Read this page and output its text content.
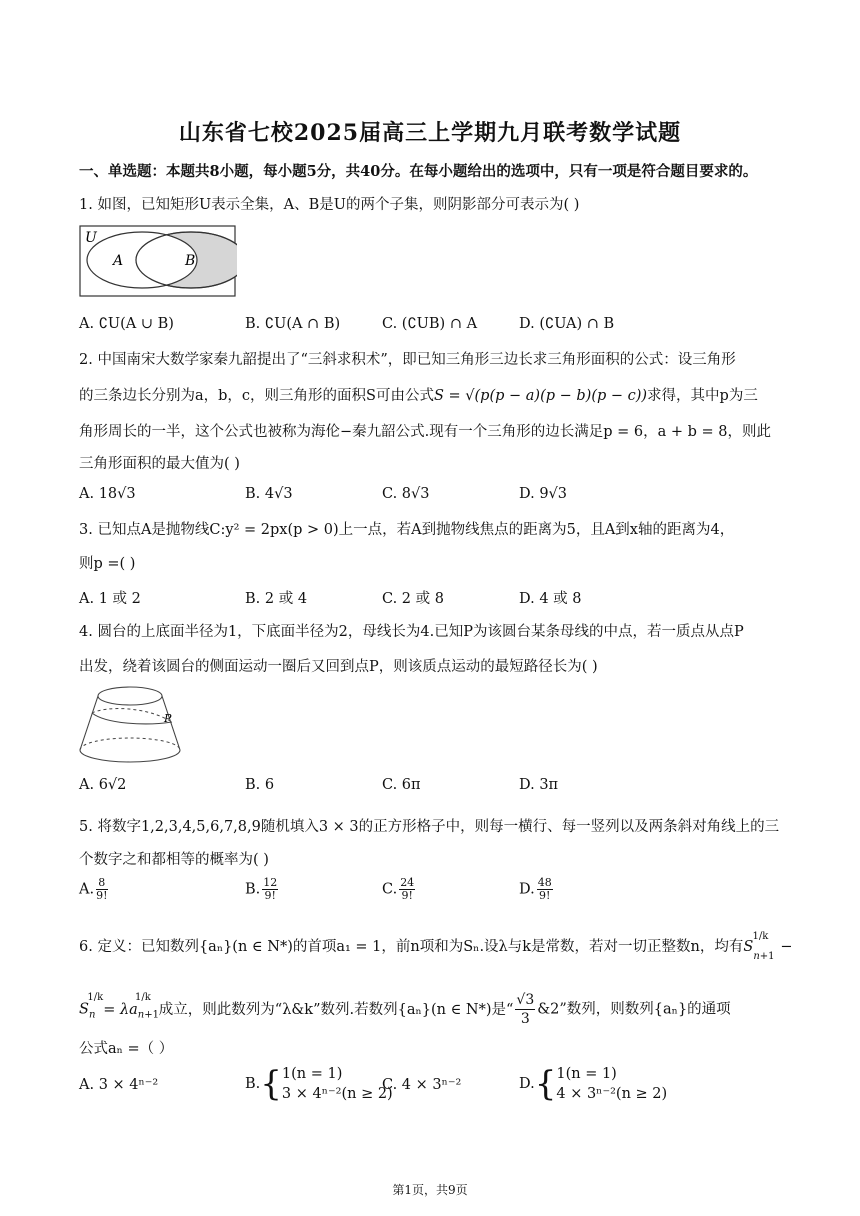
山东省七校2025届高三上学期九月联考数学试题
一、单选题：本题共8小题，每小题5分，共40分。在每小题给出的选项中，只有一项是符合题目要求的。
1. 如图，已知矩形U表示全集，A、B是U的两个子集，则阴影部分可表示为( )
U
A	B
A. ∁U(A ∪ B)	B. ∁U(A ∩ B)	C. (∁UB) ∩ A	D. (∁UA) ∩ B
2. 中国南宋大数学家秦九韶提出了“三斜求积术”，即已知三角形三边长求三角形面积的公式：设三角形
的三条边长分别为a，b，c，则三角形的面积S可由公式S = √(p(p − a)(p − b)(p − c))求得，其中p为三
角形周长的一半，这个公式也被称为海伦−秦九韶公式.现有一个三角形的边长满足p = 6，a + b = 8，则此
三角形面积的最大值为( )
A. 18√3	B. 4√3	C. 8√3	D. 9√3
3. 已知点A是抛物线C:y² = 2px(p > 0)上一点，若A到抛物线焦点的距离为5，且A到x轴的距离为4，
则p =( )
A. 1 或 2	B. 2 或 4	C. 2 或 8	D. 4 或 8
4. 圆台的上底面半径为1，下底面半径为2，母线长为4.已知P为该圆台某条母线的中点，若一质点从点P
出发，绕着该圆台的侧面运动一圈后又回到点P，则该质点运动的最短路径长为( )
P
A. 6√2	B. 6	C. 6π	D. 3π
5. 将数字1,2,3,4,5,6,7,8,9随机填入3 × 3的正方形格子中，则每一横行、每一竖列以及两条斜对角线上的三
个数字之和都相等的概率为( )
A. $\frac{8}{9!}$	B. $\frac{12}{9!}$	C. $\frac{24}{9!}$	D. $\frac{48}{9!}$
6. 定义：已知数列{aₙ}(n ∈ N*)的首项a₁ = 1，前n项和为Sₙ.设λ与k是常数，若对一切正整数n，均有$S_{n+1}^{1/k}-$
$S_n^{1/k}= \lambda a_{n+1}^{1/k}$成立，则此数列为“λ&k”数列.若数列{aₙ}(n ∈ N*)是“ $\frac{√3}{3}$ &2”数列，则数列{aₙ}的通项
公式aₙ =（ ）
A. 3 × 4ⁿ⁻²	B.{ 1(n = 1)
3 × 4ⁿ⁻²(n ≥ 2)
C. 4 × 3ⁿ⁻²	D.{ 1(n = 1)
4 × 3ⁿ⁻²(n ≥ 2)
第1页，共9页
